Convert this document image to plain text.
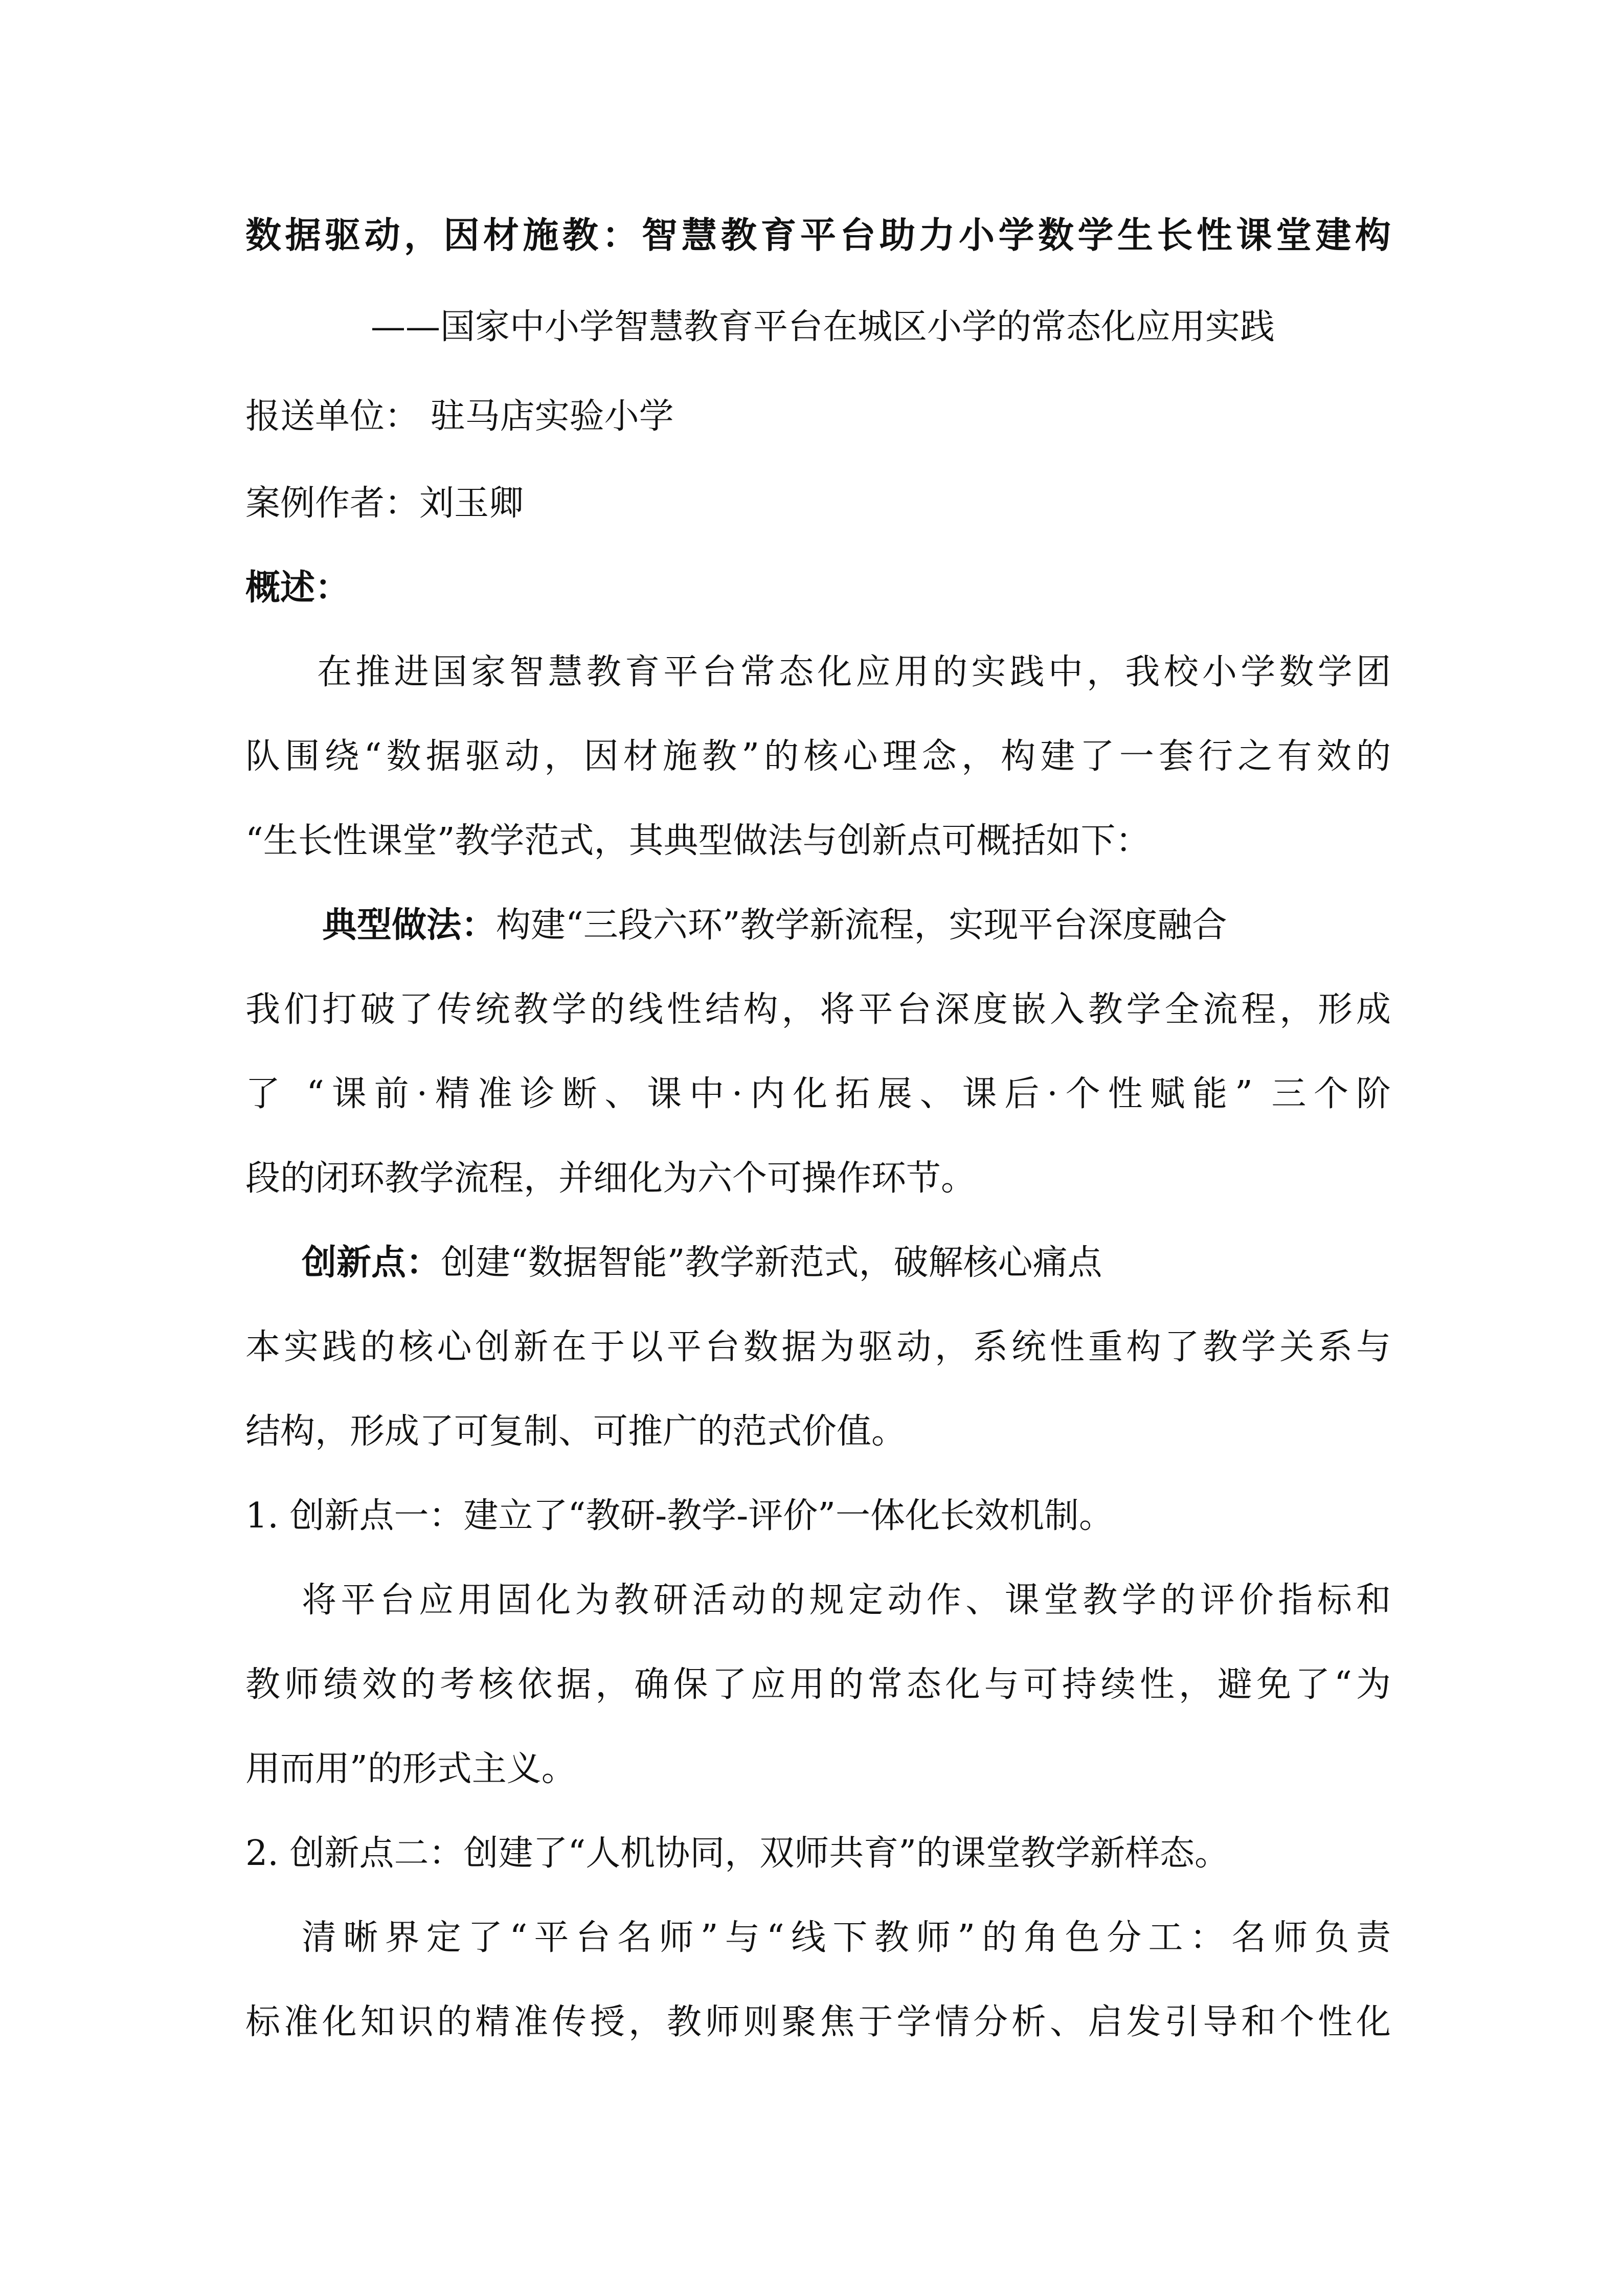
数据驱动，因材施教：智慧教育平台助力小学数学生长性课堂建构
——国家中小学智慧教育平台在城区小学的常态化应用实践
报送单位： 驻马店实验小学
案例作者：刘玉卿
概述：
在推进国家智慧教育平台常态化应用的实践中，我校小学数学团
队围绕“数据驱动，因材施教”的核心理念，构建了一套行之有效的
“生长性课堂”教学范式，其典型做法与创新点可概括如下：
典型做法：构建“三段六环”教学新流程，实现平台深度融合
我们打破了传统教学的线性结构，将平台深度嵌入教学全流程，形成
了 “课前·精准诊断、课中·内化拓展、课后·个性赋能” 三个阶
段的闭环教学流程，并细化为六个可操作环节。
创新点：创建“数据智能”教学新范式，破解核心痛点
本实践的核心创新在于以平台数据为驱动，系统性重构了教学关系与
结构，形成了可复制、可推广的范式价值。
1. 创新点一：建立了“教研-教学-评价”一体化长效机制。
将平台应用固化为教研活动的规定动作、课堂教学的评价指标和
教师绩效的考核依据，确保了应用的常态化与可持续性，避免了“为
用而用”的形式主义。
2. 创新点二：创建了“人机协同，双师共育”的课堂教学新样态。
清晰界定了“平台名师”与“线下教师”的角色分工：名师负责
标准化知识的精准传授，教师则聚焦于学情分析、启发引导和个性化
